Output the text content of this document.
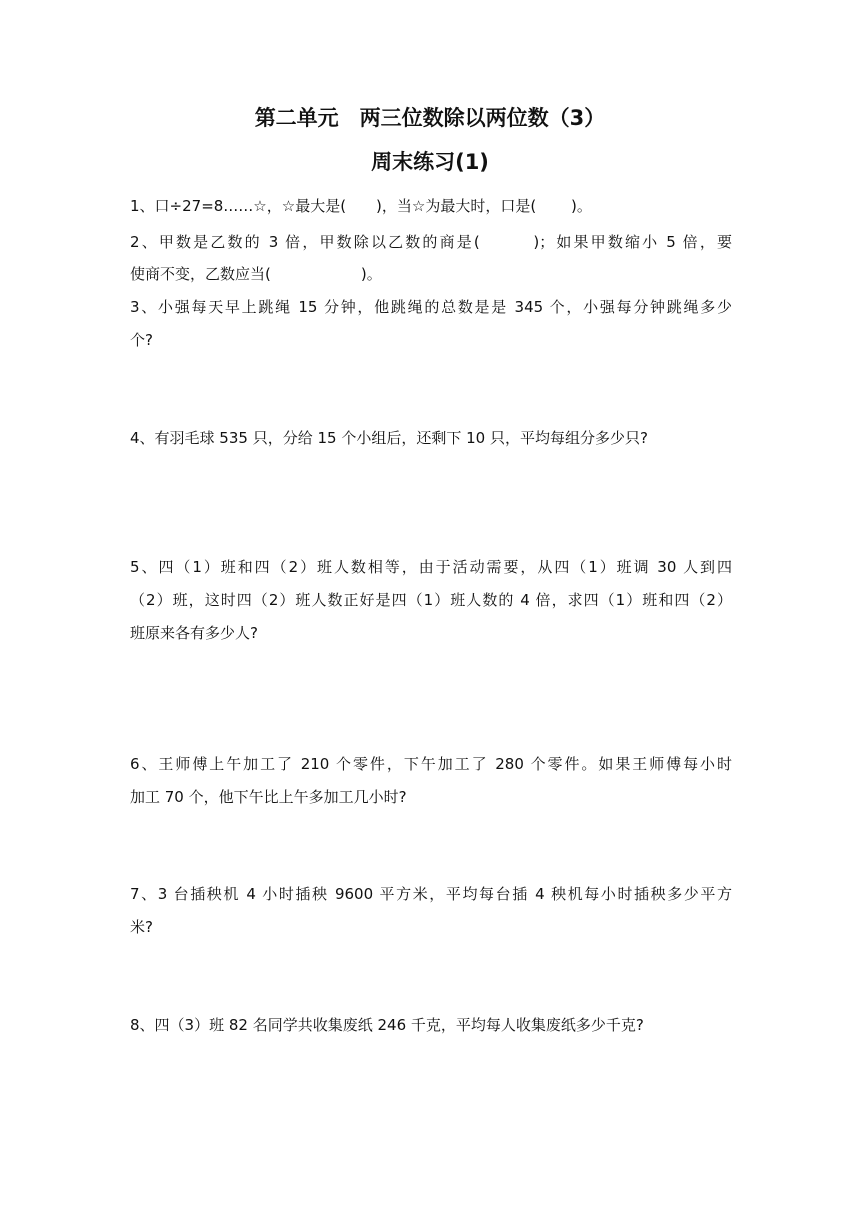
第二单元　两三位数除以两位数（3）
周末练习(1)
1、口÷27=8……☆，☆最大是(　　)，当☆为最大时，口是(　　 )。
2、甲数是乙数的 3 倍，甲数除以乙数的商是(　　　)；如果甲数缩小 5 倍，要
使商不变，乙数应当(　　　　　　)。
3、小强每天早上跳绳 15 分钟，他跳绳的总数是是 345 个，小强每分钟跳绳多少
个?
4、有羽毛球 535 只，分给 15 个小组后，还剩下 10 只，平均每组分多少只?
5、四（1）班和四（2）班人数相等，由于活动需要，从四（1）班调 30 人到四
（2）班，这时四（2）班人数正好是四（1）班人数的 4 倍，求四（1）班和四（2）
班原来各有多少人?
6、王师傅上午加工了 210 个零件，下午加工了 280 个零件。如果王师傅每小时
加工 70 个，他下午比上午多加工几小时?
7、3 台插秧机 4 小时插秧 9600 平方米，平均每台插 4 秧机每小时插秧多少平方
米?
8、四（3）班 82 名同学共收集废纸 246 千克，平均每人收集废纸多少千克?
